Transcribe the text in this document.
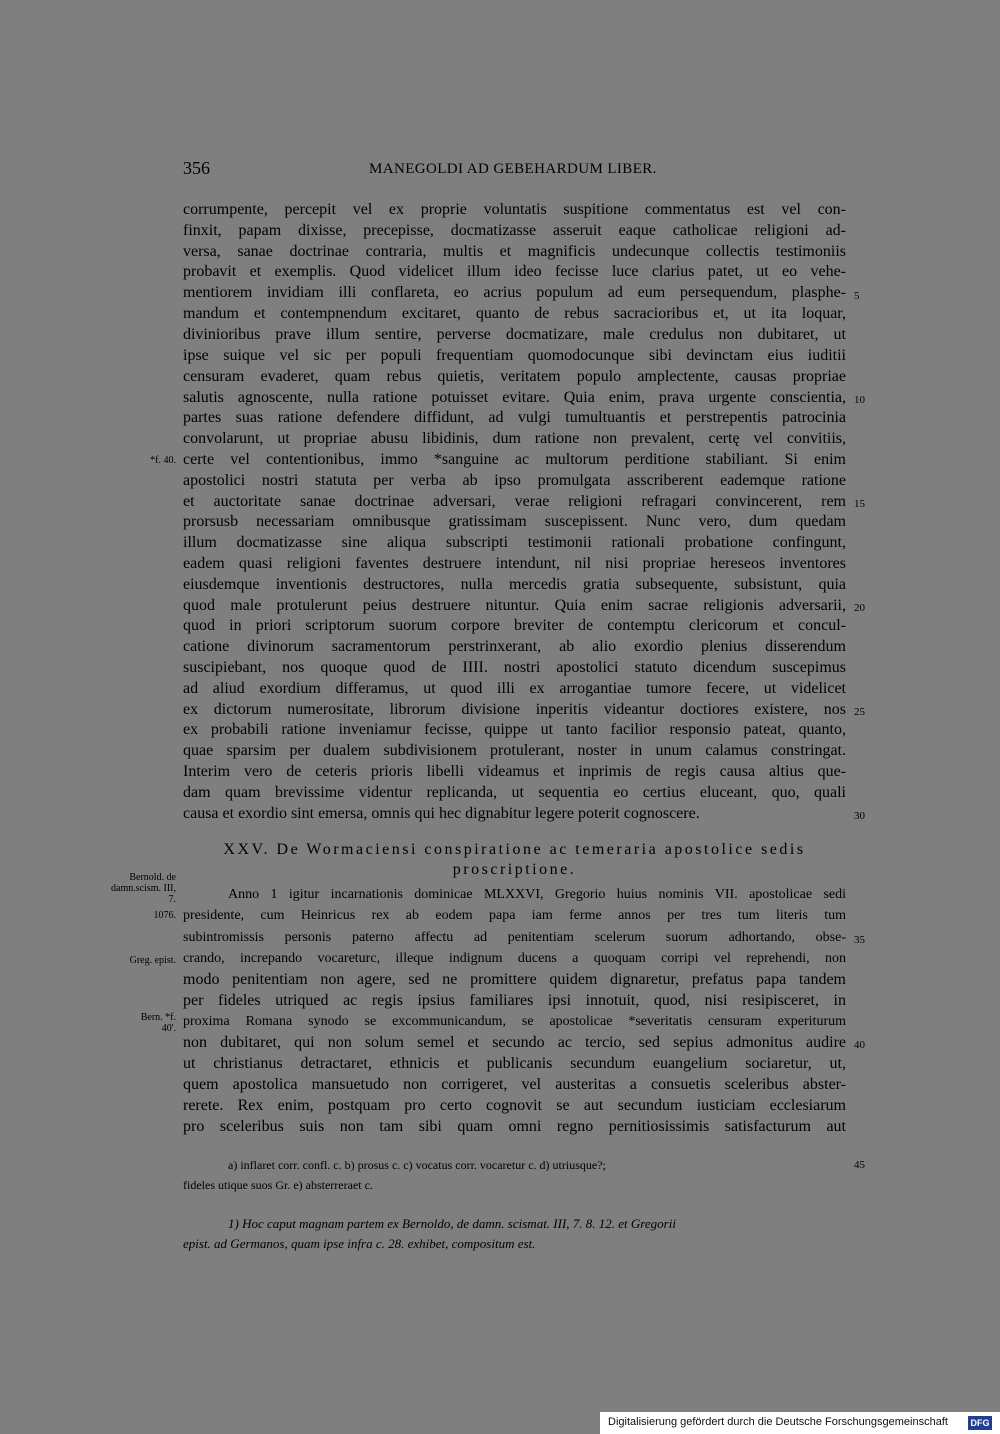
356	MANEGOLDI AD GEBEHARDUM LIBER.
corrumpente, percepit vel ex proprie voluntatis suspitione commentatus est vel con-
finxit, papam dixisse, precepisse, docmatizasse asseruit eaque catholicae religioni ad-
versa, sanae doctrinae contraria, multis et magnificis undecunque collectis testimoniis
probavit et exemplis. Quod videlicet illum ideo fecisse luce clarius patet, ut eo vehe-
mentiorem invidiam illi conflareta, eo acrius populum ad eum persequendum, plasphe-
mandum et contempnendum excitaret, quanto de rebus sacracioribus et, ut ita loquar,
divinioribus prave illum sentire, perverse docmatizare, male credulus non dubitaret, ut
ipse suique vel sic per populi frequentiam quomodocunque sibi devinctam eius iuditii
censuram evaderet, quam rebus quietis, veritatem populo amplectente, causas propriae
salutis agnoscente, nulla ratione potuisset evitare. Quia enim, prava urgente conscientia,
partes suas ratione defendere diffidunt, ad vulgi tumultuantis et perstrepentis patrocinia
convolarunt, ut propriae abusu libidinis, dum ratione non prevalent, certę vel convitiis,
certe vel contentionibus, immo *sanguine ac multorum perditione stabiliant. Si enim
apostolici nostri statuta per verba ab ipso promulgata asscriberent eademque ratione
et auctoritate sanae doctrinae adversari, verae religioni refragari convincerent, rem
prorsusb necessariam omnibusque gratissimam suscepissent. Nunc vero, dum quedam
illum docmatizasse sine aliqua subscripti testimonii rationali probatione confingunt,
eadem quasi religioni faventes destruere intendunt, nil nisi propriae hereseos inventores
eiusdemque inventionis destructores, nulla mercedis gratia subsequente, subsistunt, quia
quod male protulerunt peius destruere nituntur. Quia enim sacrae religionis adversarii,
quod in priori scriptorum suorum corpore breviter de contemptu clericorum et concul-
catione divinorum sacramentorum perstrinxerant, ab alio exordio plenius disserendum
suscipiebant, nos quoque quod de IIII. nostri apostolici statuto dicendum suscepimus
ad aliud exordium differamus, ut quod illi ex arrogantiae tumore fecere, ut videlicet
ex dictorum numerositate, librorum divisione inperitis videantur doctiores existere, nos
ex probabili ratione inveniamur fecisse, quippe ut tanto facilior responsio pateat, quanto,
quae sparsim per dualem subdivisionem protulerant, noster in unum calamus constringat.
Interim vero de ceteris prioris libelli videamus et inprimis de regis causa altius que-
dam quam brevissime videntur replicanda, ut sequentia eo certius eluceant, quo, quali
causa et exordio sint emersa, omnis qui hec dignabitur legere poterit cognoscere.
5
10
15
20
25
30
*f. 40.
XXV. De Wormaciensi conspiratione ac temeraria apostolice sedis
proscriptione.
Anno 1 igitur incarnationis dominicae MLXXVI, Gregorio huius nominis VII. apostolicae sedi
presidente, cum Heinricus rex ab eodem papa iam ferme annos per tres tum literis tum
subintromissis personis paterno affectu ad penitentiam scelerum suorum adhortando, obse-
crando, increpando vocareturc, illeque indignum ducens a quoquam corripi vel reprehendi, non
modo penitentiam non agere, sed ne promittere quidem dignaretur, prefatus papa tandem
per fideles utriqued ac regis ipsius familiares ipsi innotuit, quod, nisi resipisceret, in
proxima Romana synodo se excommunicandum, se apostolicae *severitatis censuram experiturum
non dubitaret, qui non solum semel et secundo ac tercio, sed sepius admonitus audire
ut christianus detractaret, ethnicis et publicanis secundum euangelium sociaretur, ut,
quem apostolica mansuetudo non corrigeret, vel austeritas a consuetis sceleribus abster-
rerete. Rex enim, postquam pro certo cognovit se aut secundum iusticiam ecclesiarum
pro sceleribus suis non tam sibi quam omni regno pernitiosissimis satisfacturum aut
35
40
Bernold. de damn.scism. III, 7.
1076.
Greg. epist.
Bern. *f. 40'.
a) inflaret corr. confl. c. b) prosus c. c) vocatus corr. vocaretur c. d) utriusque?;
fideles utique suos Gr. e) absterreraet c.
45
1) Hoc caput magnam partem ex Bernoldo, de damn. scismat. III, 7. 8. 12. et Gregorii
epist. ad Germanos, quam ipse infra c. 28. exhibet, compositum est.
Digitalisierung gefördert durch die Deutsche Forschungsgemeinschaft	DFG
